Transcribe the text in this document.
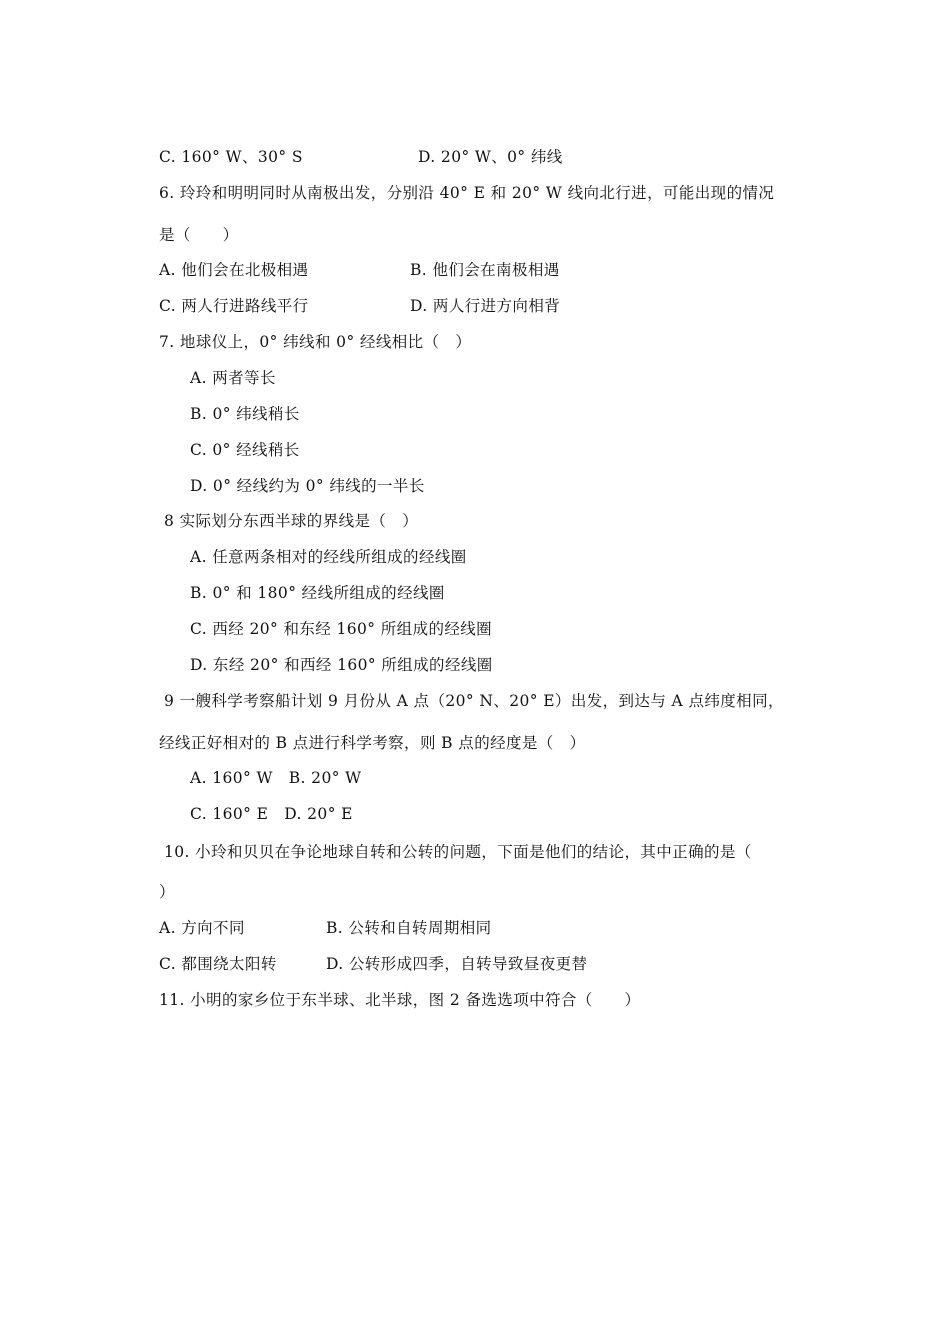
C. 160° W、30° S	D. 20° W、0° 纬线
6. 玲玲和明明同时从南极出发，分别沿 40° E 和 20° W 线向北行进，可能出现的情况
是（　　）
A. 他们会在北极相遇	B. 他们会在南极相遇
C. 两人行进路线平行	D. 两人行进方向相背
7. 地球仪上，0° 纬线和 0° 经线相比（　）
A. 两者等长
B. 0° 纬线稍长
C. 0° 经线稍长
D. 0° 经线约为 0° 纬线的一半长
8 实际划分东西半球的界线是（　）
A. 任意两条相对的经线所组成的经线圈
B. 0° 和 180° 经线所组成的经线圈
C. 西经 20° 和东经 160° 所组成的经线圈
D. 东经 20° 和西经 160° 所组成的经线圈
9 一艘科学考察船计划 9 月份从 A 点（20° N、20° E）出发，到达与 A 点纬度相同，
经线正好相对的 B 点进行科学考察，则 B 点的经度是（　）
A. 160° W　B. 20° W
C. 160° E　D. 20° E
10. 小玲和贝贝在争论地球自转和公转的问题，下面是他们的结论，其中正确的是（
）
A. 方向不同	B. 公转和自转周期相同
C. 都围绕太阳转	D. 公转形成四季，自转导致昼夜更替
11. 小明的家乡位于东半球、北半球，图 2 备选选项中符合（　　）
